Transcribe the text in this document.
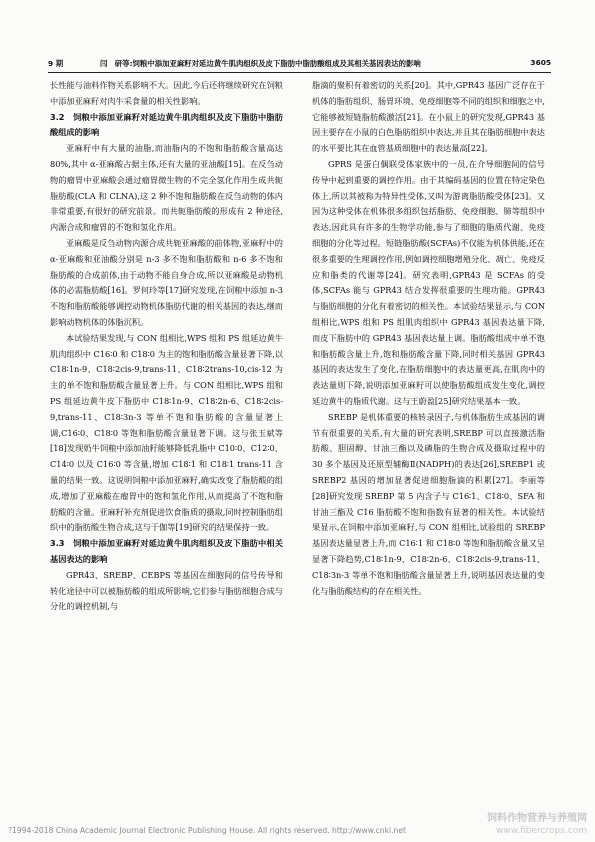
9 期	闫　研等:饲粮中添加亚麻籽对延边黄牛肌肉组织及皮下脂肪中脂肪酸组成及其相关基因表达的影响	3605

长性能与油料作物关系影响不大。因此,今后还将继续研究在饲粮中添加亚麻籽对肉牛采食量的相关性影响。

3.2　饲粮中添加亚麻籽对延边黄牛肌肉组织及皮下脂肪中脂肪酸组成的影响

亚麻籽中有大量的油脂,而油脂内的不饱和脂肪酸含量高达 80%,其中 α-亚麻酸占据主体,还有大量的亚油酸[15]。在反刍动物的瘤胃中亚麻酸会通过瘤胃微生物的不完全氢化作用生成共轭脂肪酸(CLA 和 CLNA),这 2 种不饱和脂肪酸在反刍动物的体内非常重要,有很好的研究前景。而共轭脂肪酸的形成有 2 种途径,内源合成和瘤胃的不饱和氢化作用。

亚麻酸是反刍动物内源合成共轭亚麻酸的前体物,亚麻籽中的 α-亚麻酸和亚油酸分别是 n-3 多不饱和脂肪酸和 n-6 多不饱和脂肪酸的合成前体,由于动物不能自身合成,所以亚麻酸是动物机体的必需脂肪酸[16]。罗何玲等[17]研究发现,在饲粮中添加 n-3 不饱和脂肪酸能够调控动物机体脂肪代谢的相关基因的表达,继而影响动物机体的体脂沉积。

本试验结果发现,与 CON 组相比,WPS 组和 PS 组延边黄牛肌肉组织中 C16∶0 和 C18∶0 为主的饱和脂肪酸含量显著下降,以 C18∶1n-9、C18∶2cis-9,trans-11、C18∶2trans-10,cis-12 为主的单不饱和脂肪酸含量显著上升。与 CON 组相比,WPS 组和 PS 组延边黄牛皮下脂肪中 C18∶1n-9、C18∶2n-6、C18∶2cis-9,trans-11、C18∶3n-3 等单不饱和脂肪酸的含量显著上调,C16∶0、C18∶0 等饱和脂肪酸含量显著下调。这与张玉斌等[18]发现奶牛饲粮中添加油籽能够降低乳脂中 C10∶0、C12∶0、C14∶0 以及 C16∶0 等含量,增加 C18∶1 和 C18∶1 trans-11 含量的结果一致。这说明饲粮中添加亚麻籽,确实改变了脂肪酸的组成,增加了亚麻酸在瘤胃中的饱和氢化作用,从而提高了不饱和脂肪酸的含量。亚麻籽补充剂促进饮食脂质的摄取,同时控制脂肪组织中的脂肪酸生物合成,这与于伽等[19]研究的结果保持一致。

3.3　饲粮中添加亚麻籽对延边黄牛肌肉组织及皮下脂肪中相关基因表达的影响

GPR43、SREBP、CEBPS 等基因在细胞间的信号传导和转化途径中可以被脂肪酸的组成所影响,它们参与脂肪细胞合成与分化的调控机制,与

脂滴的聚积有着密切的关系[20]。其中,GPR43 基因广泛存在于机体的脂肪组织、肠胃环境、免疫细胞等不同的组织和细胞之中,它能够被短链脂肪酸激活[21]。在小鼠上的研究发现,GPR43 基因主要存在小鼠的白色脂肪组织中表达,并且其在脂肪细胞中表达的水平要比其在血管基质细胞中的表达量高[22]。

GPRS 是蛋白偶联受体家族中的一员,在介导细胞间的信号传导中起到重要的调控作用。由于其编码基因的位置在特定染色体上,所以其被称为特异性受体,又叫为游离脂肪酸受体[23]。又因为这种受体在机体很多组织包括脂肪、免疫细胞、肺等组织中表达,因此具有许多的生物学功能,参与了细胞的脂质代谢、免疫细胞的分化等过程。短链脂肪酸(SCFAs)不仅能为机体供能,还在很多重要的生理调控作用,例如调控细胞增殖分化、凋亡、免疫反应和脂类的代谢等[24]。研究表明,GPR43 是 SCFAs 的受体,SCFAs 能与 GPR43 结合发挥很重要的生理功能。GPR43 与脂肪细胞的分化有着密切的相关性。本试验结果显示,与 CON 组相比,WPS 组和 PS 组肌肉组织中 GPR43 基因表达量下降,而皮下脂肪中的 GPR43 基因表达量上调。脂肪酸组成中单不饱和脂肪酸含量上升,饱和脂肪酸含量下降,同时相关基因 GPR43 基因的表达发生了变化,在脂肪细胞中的表达量更高,在肌肉中的表达量则下降,说明添加亚麻籽可以使脂肪酸组成发生变化,调控延边黄牛的脂质代谢。这与王蔚盈[25]研究结果基本一致。

SREBP 是机体重要的核转录因子,与机体脂肪生成基因的调节有很重要的关系,有大量的研究表明,SREBP 可以直接激活脂肪酸、胆固醇、甘油三酯以及磷脂的生物合成及摄取过程中的 30 多个基因及还原型辅酶Ⅱ(NADPH)的表达[26],SREBP1 或 SREBP2 基因的增加显著促进细胞脂滴的积累[27]。李丽等[28]研究发现 SREBP 第 5 内含子与 C16∶1、C18∶0、SFA 和甘油三酯及 C16 脂肪酸不饱和指数有显著的相关性。本试验结果显示,在饲粮中添加亚麻籽,与 CON 组相比,试验组的 SREBP 基因表达量显著上升,而 C16∶1 和 C18∶0 等饱和脂肪酸含量又呈显著下降趋势,C18∶1n-9、C18∶2n-6、C18∶2cis-9,trans-11、C18∶3n-3 等单不饱和脂肪酸含量显著上升,说明基因表达量的变化与脂肪酸结构的存在相关性。

?1994-2018 China Academic Journal Electronic Publishing House. All rights reserved. http://www.cnki.net
饲料作物营养与养殖网
www.fibercrops.com
